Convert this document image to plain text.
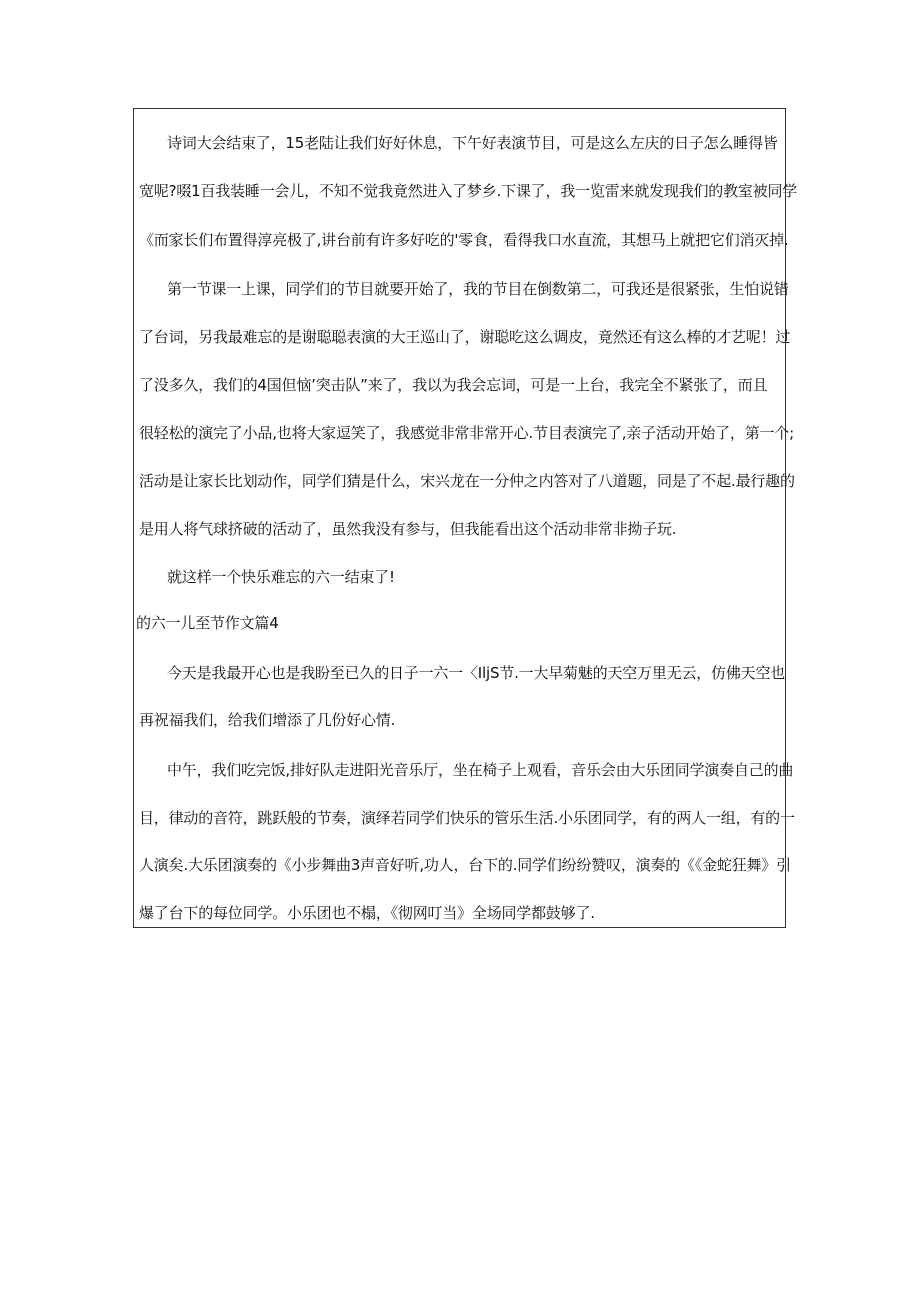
诗词大会结束了，15老陆让我们好好休息，下午好表演节目，可是这么左庆的日子怎么睡得皆

宽呢?啜1百我装睡一会儿，不知不觉我竟然进入了梦乡.下课了，我一览雷来就发现我们的教室被同学

《而家长们布置得淳亮极了,讲台前有许多好吃的'零食，看得我口水直流，其想马上就把它们消灭掉.

第一节课一上课，同学们的节目就要开始了，我的节目在倒数第二，可我还是很紧张，生怕说错

了台词，另我最难忘的是谢聪聪表演的大王巡山了，谢聪吃这么调皮，竟然还有这么棒的才艺呢！过

了没多久，我们的4国但恼’突击队”来了，我以为我会忘词，可是一上台，我完全不紧张了，而且

很轻松的演完了小品,也将大家逗笑了，我感觉非常非常开心.节目表演完了,亲子活动开始了，第一个;

活动是让家长比划动作，同学们猜是什么，宋兴龙在一分仲之内答对了八道题，同是了不起.最行趣的

是用人将气球挤破的活动了，虽然我没有参与，但我能看出这个活动非常非拗子玩.

就这样一个快乐难忘的六一结束了!

的六一儿至节作文篇4

今天是我最开心也是我盼至已久的日子一六一〈IljS节.一大早菊魅的天空万里无云，仿佛天空也

再祝福我们，给我们增添了几份好心情.

中午，我们吃完饭,排好队走进阳光音乐厅，坐在椅子上观看，音乐会由大乐团同学演奏自己的曲

目，律动的音符，跳跃般的节奏，演绎若同学们快乐的管乐生活.小乐团同学，有的两人一组，有的一

人演矣.大乐团演奏的《小步舞曲3声音好听,功人，台下的.同学们纷纷赞叹，演奏的《《金蛇狂舞》引

爆了台下的每位同学。小乐团也不榻，《彻网叮当》全场同学都鼓够了.
